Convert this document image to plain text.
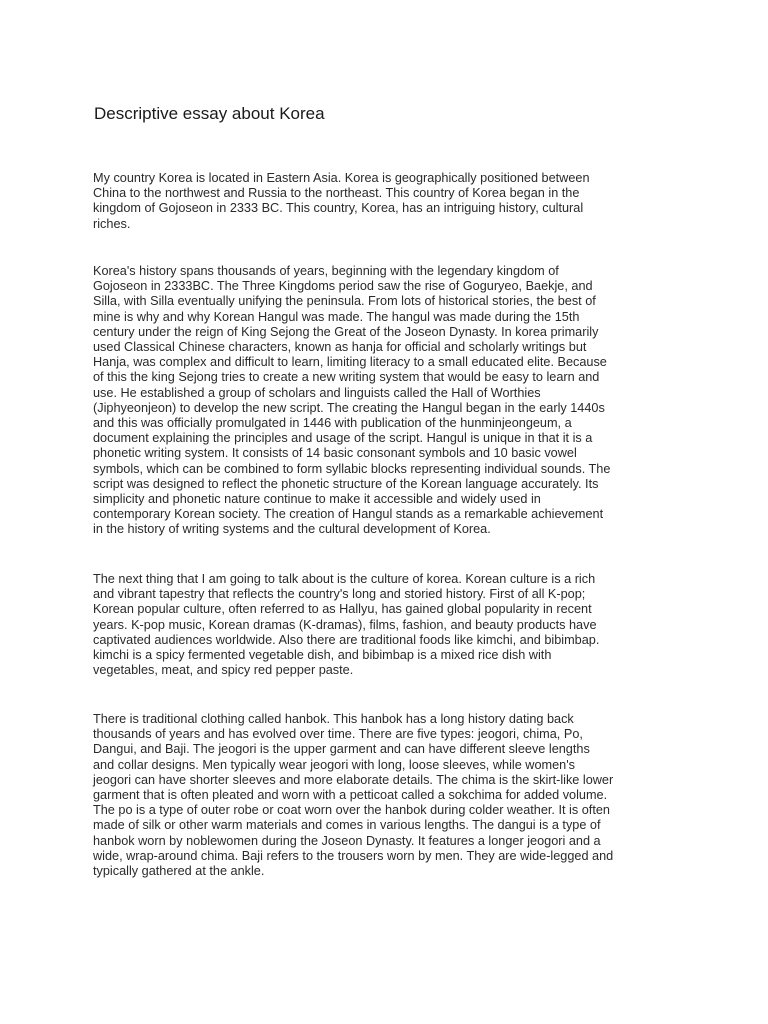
Descriptive essay about Korea

My country Korea is located in Eastern Asia. Korea is geographically positioned between
China to the northwest and Russia to the northeast. This country of Korea began in the
kingdom of Gojoseon in 2333 BC. This country, Korea, has an intriguing history, cultural
riches.

Korea's history spans thousands of years, beginning with the legendary kingdom of
Gojoseon in 2333BC. The Three Kingdoms period saw the rise of Goguryeo, Baekje, and
Silla, with Silla eventually unifying the peninsula. From lots of historical stories, the best of
mine is why and why Korean Hangul was made. The hangul was made during the 15th
century under the reign of King Sejong the Great of the Joseon Dynasty. In korea primarily
used Classical Chinese characters, known as hanja for official and scholarly writings but
Hanja, was complex and difficult to learn, limiting literacy to a small educated elite. Because
of this the king Sejong tries to create a new writing system that would be easy to learn and
use. He established a group of scholars and linguists called the Hall of Worthies
(Jiphyeonjeon) to develop the new script. The creating the Hangul began in the early 1440s
and this was officially promulgated in 1446 with publication of the hunminjeongeum, a
document explaining the principles and usage of the script. Hangul is unique in that it is a
phonetic writing system. It consists of 14 basic consonant symbols and 10 basic vowel
symbols, which can be combined to form syllabic blocks representing individual sounds. The
script was designed to reflect the phonetic structure of the Korean language accurately. Its
simplicity and phonetic nature continue to make it accessible and widely used in
contemporary Korean society. The creation of Hangul stands as a remarkable achievement
in the history of writing systems and the cultural development of Korea.

The next thing that I am going to talk about is the culture of korea. Korean culture is a rich
and vibrant tapestry that reflects the country's long and storied history. First of all K-pop;
Korean popular culture, often referred to as Hallyu, has gained global popularity in recent
years. K-pop music, Korean dramas (K-dramas), films, fashion, and beauty products have
captivated audiences worldwide. Also there are traditional foods like kimchi, and bibimbap.
kimchi is a spicy fermented vegetable dish, and bibimbap is a mixed rice dish with
vegetables, meat, and spicy red pepper paste.

There is traditional clothing called hanbok. This hanbok has a long history dating back
thousands of years and has evolved over time. There are five types: jeogori, chima, Po,
Dangui, and Baji. The jeogori is the upper garment and can have different sleeve lengths
and collar designs. Men typically wear jeogori with long, loose sleeves, while women's
jeogori can have shorter sleeves and more elaborate details. The chima is the skirt-like lower
garment that is often pleated and worn with a petticoat called a sokchima for added volume.
The po is a type of outer robe or coat worn over the hanbok during colder weather. It is often
made of silk or other warm materials and comes in various lengths. The dangui is a type of
hanbok worn by noblewomen during the Joseon Dynasty. It features a longer jeogori and a
wide, wrap-around chima. Baji refers to the trousers worn by men. They are wide-legged and
typically gathered at the ankle.
